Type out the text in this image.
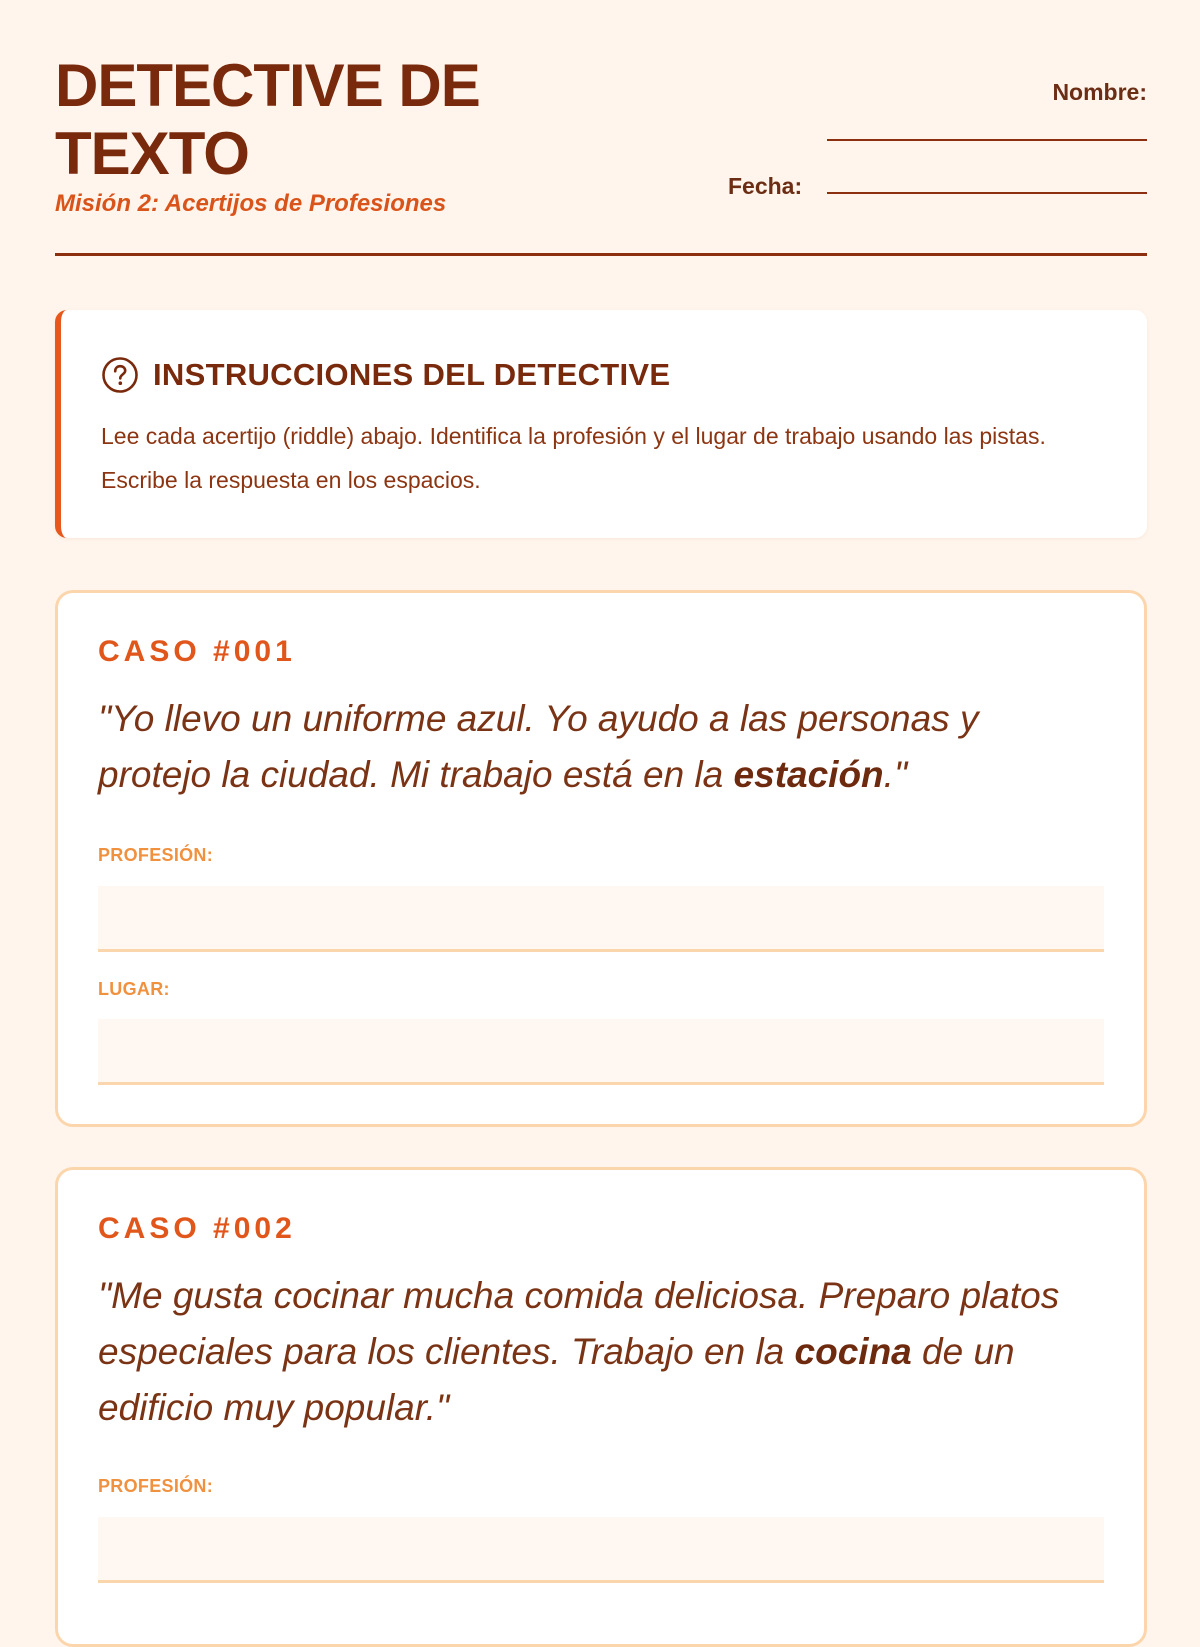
DETECTIVE DE TEXTO
Misión 2: Acertijos de Profesiones
Nombre:
Fecha:
INSTRUCCIONES DEL DETECTIVE

Lee cada acertijo (riddle) abajo. Identifica la profesión y el lugar de trabajo usando las pistas. Escribe la respuesta en los espacios.

CASO #001

"Yo llevo un uniforme azul. Yo ayudo a las personas y protejo la ciudad. Mi trabajo está en la estación."

PROFESIÓN:
LUGAR:
CASO #002

"Me gusta cocinar mucha comida deliciosa. Preparo platos especiales para los clientes. Trabajo en la cocina de un edificio muy popular."

PROFESIÓN:
